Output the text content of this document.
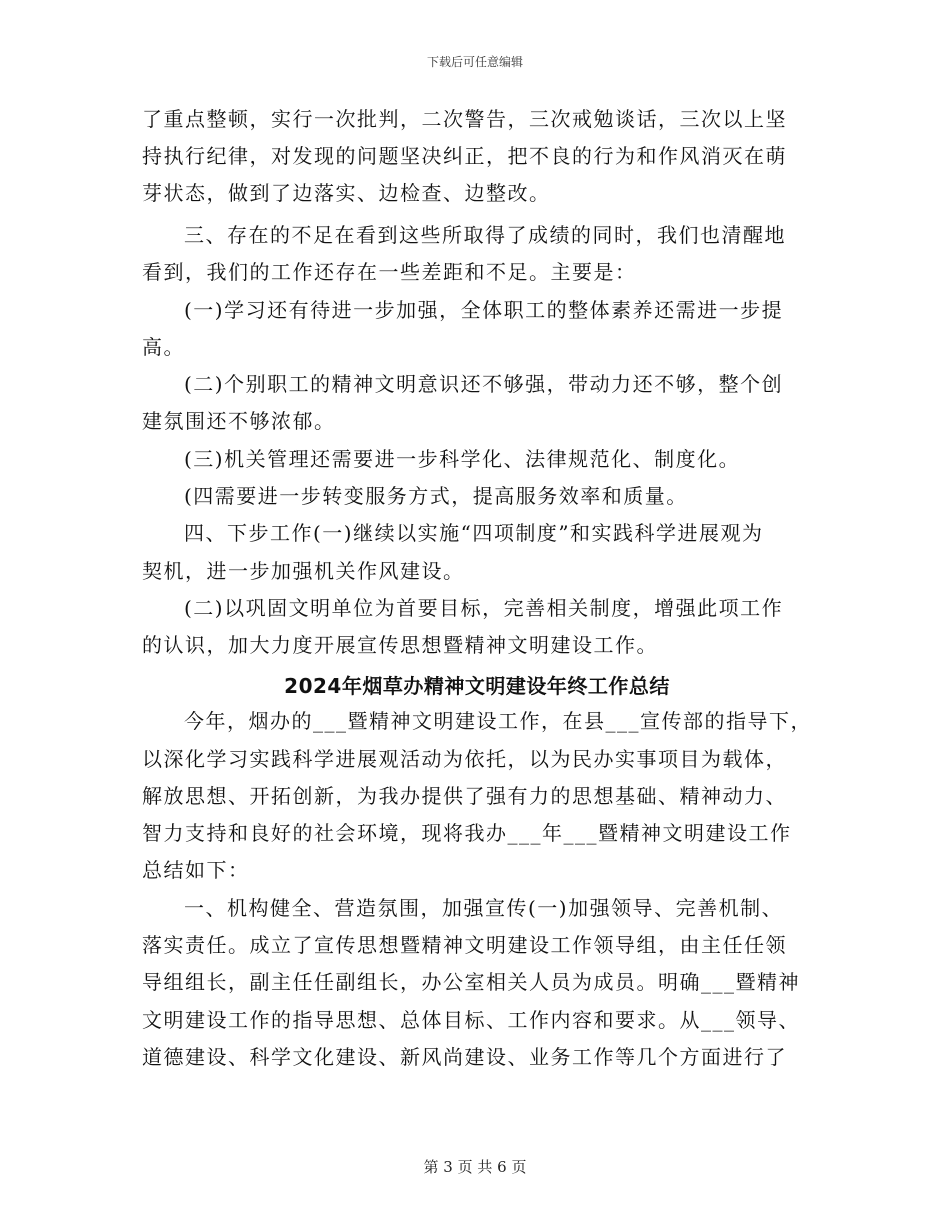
下载后可任意编辑
了重点整顿，实行一次批判，二次警告，三次戒勉谈话，三次以上坚
持执行纪律，对发现的问题坚决纠正，把不良的行为和作风消灭在萌
芽状态，做到了边落实、边检查、边整改。
三、存在的不足在看到这些所取得了成绩的同时，我们也清醒地
看到，我们的工作还存在一些差距和不足。主要是：
(一)学习还有待进一步加强，全体职工的整体素养还需进一步提
高。
(二)个别职工的精神文明意识还不够强，带动力还不够，整个创
建氛围还不够浓郁。
(三)机关管理还需要进一步科学化、法律规范化、制度化。
(四需要进一步转变服务方式，提高服务效率和质量。
四、下步工作(一)继续以实施“四项制度”和实践科学进展观为
契机，进一步加强机关作风建设。
(二)以巩固文明单位为首要目标，完善相关制度，增强此项工作
的认识，加大力度开展宣传思想暨精神文明建设工作。
2024年烟草办精神文明建设年终工作总结
今年，烟办的___暨精神文明建设工作，在县___宣传部的指导下，
以深化学习实践科学进展观活动为依托，以为民办实事项目为载体，
解放思想、开拓创新，为我办提供了强有力的思想基础、精神动力、
智力支持和良好的社会环境，现将我办___年___暨精神文明建设工作
总结如下：
一、机构健全、营造氛围，加强宣传(一)加强领导、完善机制、
落实责任。成立了宣传思想暨精神文明建设工作领导组，由主任任领
导组组长，副主任任副组长，办公室相关人员为成员。明确___暨精神
文明建设工作的指导思想、总体目标、工作内容和要求。从___领导、
道德建设、科学文化建设、新风尚建设、业务工作等几个方面进行了
第 3 页 共 6 页
